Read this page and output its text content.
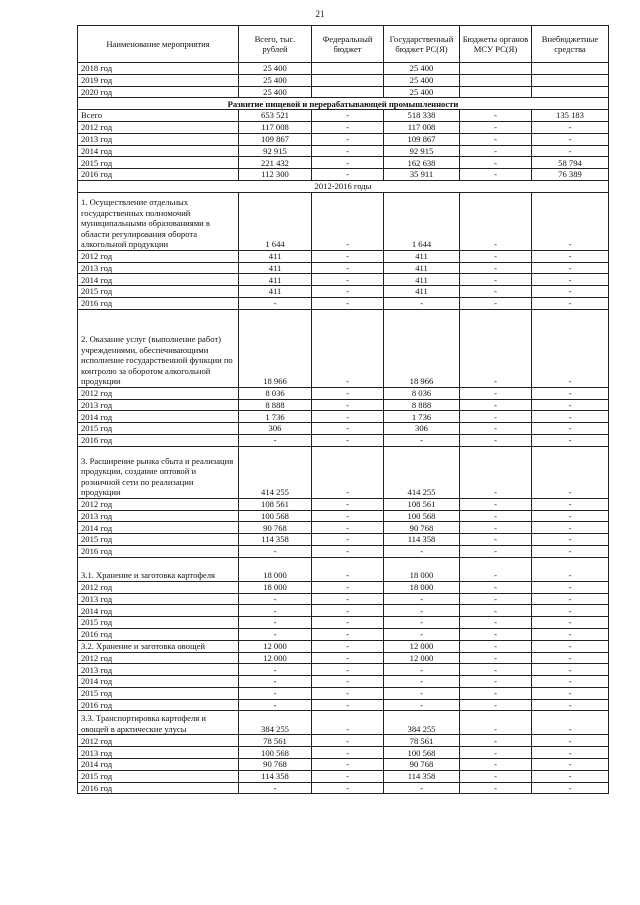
21
Наименование мероприятия	Всего, тыс. рублей	Федеральный бюджет	Государственный бюджет РС(Я)	Бюджеты органов МСУ РС(Я)	Внебюджетные средства
2018 год	25 400		25 400		
2019 год	25 400		25 400		
2020 год	25 400		25 400		
Развитие пищевой и перерабатывающей промышленности					
Всего	653 521	-	518 338	-	135 183
2012 год	117 008	-	117 008	-	-
2013 год	109 867	-	109 867	-	-
2014 год	92 915	-	92 915	-	-
2015 год	221 432	-	162 638	-	58 794
2016 год	112 300	-	35 911	-	76 389
2012-2016 годы					
1. Осуществление отдельных государственных полномочий муниципальными образованиями в области регулирования оборота алкогольной продукции	1 644	-	1 644	-	-
2012 год	411	-	411	-	-
2013 год	411	-	411	-	-
2014 год	411	-	411	-	-
2015 год	411	-	411	-	-
2016 год	-	-	-	-	-
2. Оказание услуг (выполнение работ) учреждениями, обеспечивающими исполнение государственной функции по контролю за оборотом алкогольной продукции	18 966	-	18 966	-	-
2012 год	8 036	-	8 036	-	-
2013 год	8 888	-	8 888	-	-
2014 год	1 736	-	1 736	-	-
2015 год	306	-	306	-	-
2016 год	-	-	-	-	-
3. Расширение рынка сбыта и реализация продукции, создание оптовой и розничной сети по реализации продукции	414 255	-	414 255	-	-
2012 год	108 561	-	108 561	-	-
2013 год	100 568	-	100 568	-	-
2014 год	90 768	-	90 768	-	-
2015 год	114 358	-	114 358	-	-
2016 год	-	-	-	-	-
3.1. Хранение и заготовка картофеля	18 000	-	18 000	-	-
2012 год	18 000	-	18 000	-	-
2013 год	-	-	-	-	-
2014 год	-	-	-	-	-
2015 год	-	-	-	-	-
2016 год	-	-	-	-	-
3.2. Хранение и заготовка овощей	12 000	-	12 000	-	-
2012 год	12 000	-	12 000	-	-
2013 год	-	-	-	-	-
2014 год	-	-	-	-	-
2015 год	-	-	-	-	-
2016 год	-	-	-	-	-
3.3. Транспортировка картофеля и овощей в арктические улусы	384 255	-	384 255	-	-
2012 год	78 561	-	78 561	-	-
2013 год	100 568	-	100 568	-	-
2014 год	90 768	-	90 768	-	-
2015 год	114 358	-	114 358	-	-
2016 год	-	-	-	-	-
